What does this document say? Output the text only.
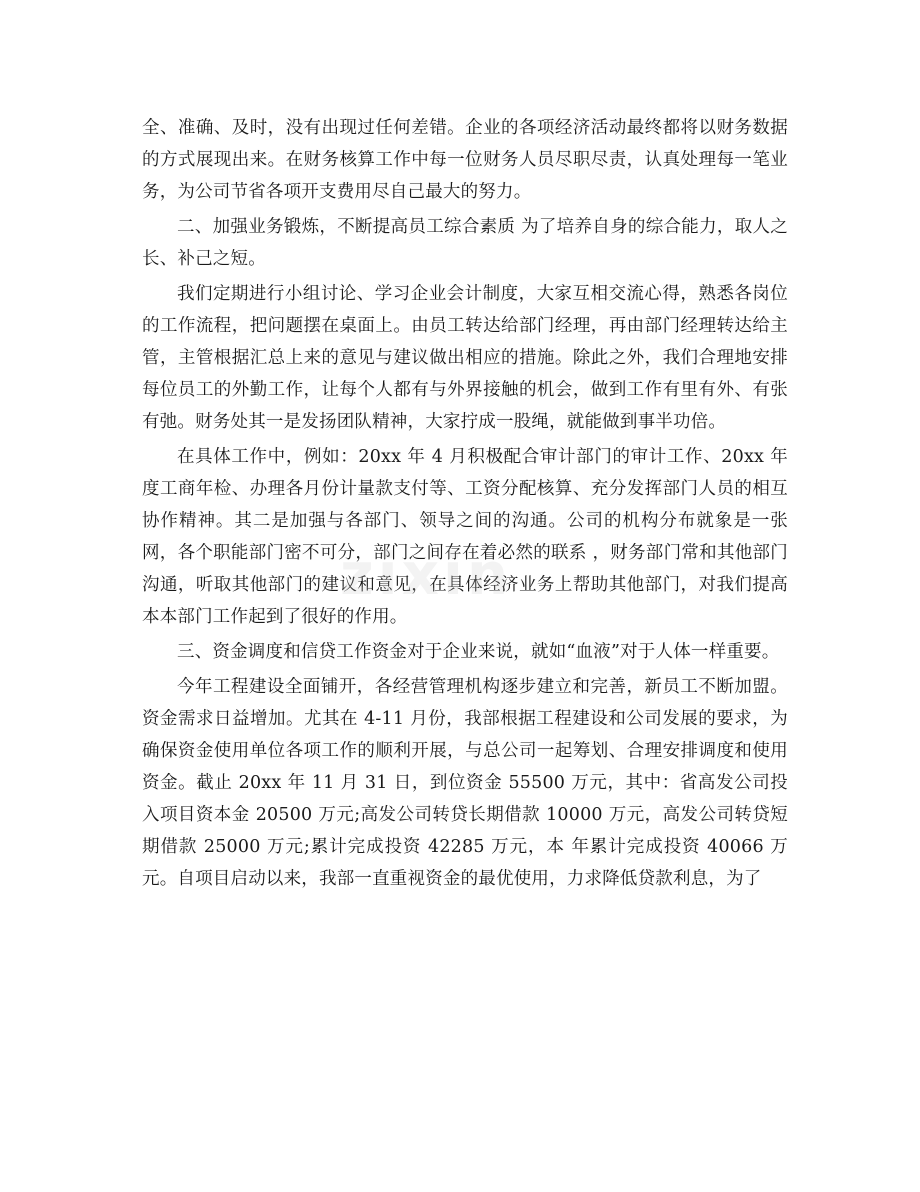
全、准确、及时，没有出现过任何差错。企业的各项经济活动最终都将以财务数据的方式展现出来。在财务核算工作中每一位财务人员尽职尽责，认真处理每一笔业务，为公司节省各项开支费用尽自己最大的努力。

二、加强业务锻炼，不断提高员工综合素质 为了培养自身的综合能力，取人之长、补己之短。

我们定期进行小组讨论、学习企业会计制度，大家互相交流心得，熟悉各岗位的工作流程，把问题摆在桌面上。由员工转达给部门经理，再由部门经理转达给主管，主管根据汇总上来的意见与建议做出相应的措施。除此之外，我们合理地安排每位员工的外勤工作，让每个人都有与外界接触的机会，做到工作有里有外、有张有弛。财务处其一是发扬团队精神，大家拧成一股绳，就能做到事半功倍。

在具体工作中，例如：20xx 年 4 月积极配合审计部门的审计工作、20xx 年度工商年检、办理各月份计量款支付等、工资分配核算、充分发挥部门人员的相互协作精神。其二是加强与各部门、领导之间的沟通。公司的机构分布就象是一张网，各个职能部门密不可分，部门之间存在着必然的联系 ，财务部门常和其他部门沟通，听取其他部门的建议和意见，在具体经济业务上帮助其他部门，对我们提高本本部门工作起到了很好的作用。

三、资金调度和信贷工作资金对于企业来说，就如“血液”对于人体一样重要。

今年工程建设全面铺开，各经营管理机构逐步建立和完善，新员工不断加盟。资金需求日益增加。尤其在 4-11 月份，我部根据工程建设和公司发展的要求，为确保资金使用单位各项工作的顺利开展，与总公司一起筹划、合理安排调度和使用资金。截止 20xx 年 11 月 31 日，到位资金 55500 万元，其中：省高发公司投入项目资本金 20500 万元;高发公司转贷长期借款 10000 万元，高发公司转贷短期借款 25000 万元;累计完成投资 42285 万元，本 年累计完成投资 40066 万元。自项目启动以来，我部一直重视资金的最优使用，力求降低贷款利息，为了

zixin
